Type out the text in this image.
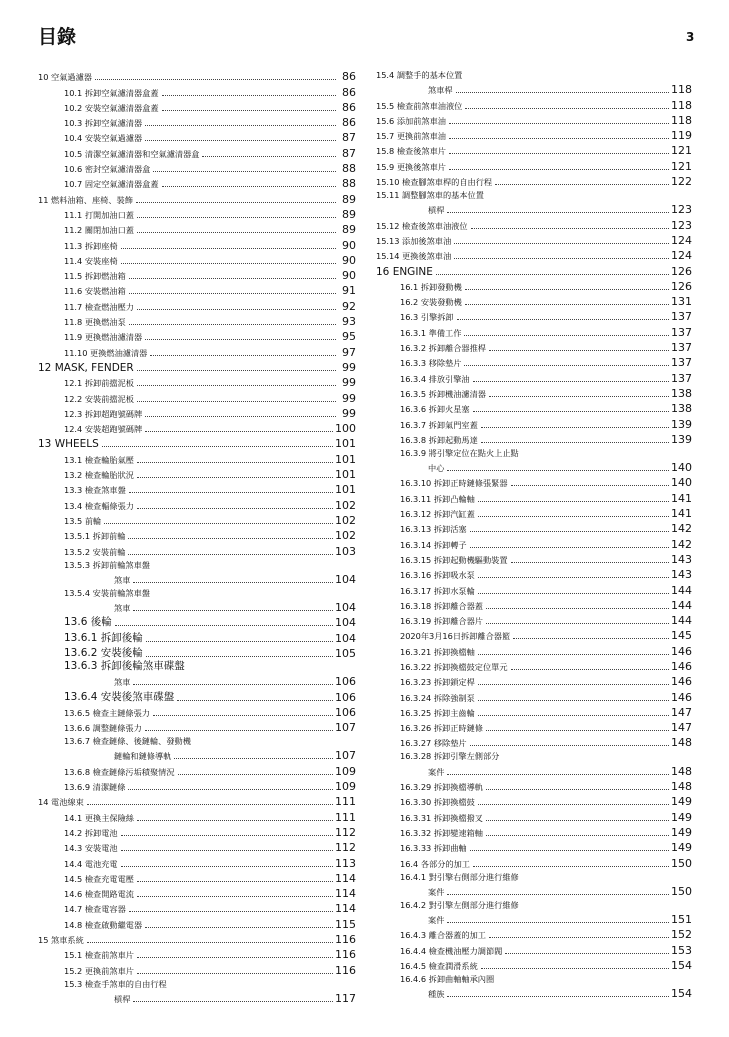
目錄	3
10 空氣過濾器	86
10.1 拆卸空氣濾清器盒蓋	86
10.2 安裝空氣濾清器盒蓋	86
10.3 拆卸空氣濾清器	86
10.4 安裝空氣過濾器	87
10.5 清潔空氣濾清器和空氣濾清器盒	87
10.6 密封空氣濾清器盒	88
10.7 固定空氣濾清器盒蓋	88
11 燃料油箱、座椅、裝飾	89
11.1 打開加油口蓋	89
11.2 關閉加油口蓋	89
11.3 拆卸座椅	90
11.4 安裝座椅	90
11.5 拆卸燃油箱	90
11.6 安裝燃油箱	91
11.7 檢查燃油壓力	92
11.8 更換燃油泵	93
11.9 更換燃油濾清器	95
11.10 更換燃油濾清器	97
12 MASK, FENDER	99
12.1 拆卸前擋泥板	99
12.2 安裝前擋泥板	99
12.3 拆卸超跑號碼牌	99
12.4 安裝超跑號碼牌	100
13 WHEELS	101
13.1 檢查輪胎氣壓	101
13.2 檢查輪胎狀況	101
13.3 檢查煞車盤	101
13.4 檢查輻條張力	102
13.5 前輪	102
13.5.1 拆卸前輪	102
13.5.2 安裝前輪	103
13.5.3 拆卸前輪煞車盤
煞車	104
13.5.4 安裝前輪煞車盤
煞車	104
13.6 後輪	104
13.6.1 拆卸後輪	104
13.6.2 安裝後輪	105
13.6.3 拆卸後輪煞車碟盤
煞車	106
13.6.4 安裝後煞車碟盤	106
13.6.5 檢查主鏈條張力	106
13.6.6 調整鏈條張力	107
13.6.7 檢查鏈條、後鏈輪、發動機
鏈輪和鏈條導軌	107
13.6.8 檢查鏈條污垢積聚情況	109
13.6.9 清潔鏈條	109
14 電池線束	111
14.1 更換主保險絲	111
14.2 拆卸電池	112
14.3 安裝電池	112
14.4 電池充電	113
14.5 檢查充電電壓	114
14.6 檢查開路電流	114
14.7 檢查電容器	114
14.8 檢查啟動繼電器	115
15 煞車系統	116
15.1 檢查前煞車片	116
15.2 更換前煞車片	116
15.3 檢查手煞車的自由行程
槓桿	117
15.4 調整手的基本位置
煞車桿	118
15.5 檢查前煞車油液位	118
15.6 添加前煞車油	118
15.7 更換前煞車油	119
15.8 檢查後煞車片	121
15.9 更換後煞車片	121
15.10 檢查腳煞車桿的自由行程	122
15.11 調整腳煞車的基本位置
槓桿	123
15.12 檢查後煞車油液位	123
15.13 添加後煞車油	124
15.14 更換後煞車油	124
16 ENGINE	126
16.1 拆卸發動機	126
16.2 安裝發動機	131
16.3 引擎拆卸	137
16.3.1 準備工作	137
16.3.2 拆卸離合器推桿	137
16.3.3 移除墊片	137
16.3.4 排放引擎油	137
16.3.5 拆卸機油濾清器	138
16.3.6 拆卸火星塞	138
16.3.7 拆卸氣門室蓋	139
16.3.8 拆卸起動馬達	139
16.3.9 將引擎定位在點火上止點
中心	140
16.3.10 拆卸正時鏈條張緊器	140
16.3.11 拆卸凸輪軸	141
16.3.12 拆卸汽缸蓋	141
16.3.13 拆卸活塞	142
16.3.14 拆卸轉子	142
16.3.15 拆卸起動機驅動裝置	143
16.3.16 拆卸吸水泵	143
16.3.17 拆卸水泵輪	144
16.3.18 拆卸離合器蓋	144
16.3.19 拆卸離合器片	144
2020年3月16日拆卸離合器籃	145
16.3.21 拆卸換檔軸	146
16.3.22 拆卸換檔鼓定位單元	146
16.3.23 拆卸鎖定桿	146
16.3.24 拆除強制泵	146
16.3.25 拆卸主齒輪	147
16.3.26 拆卸正時鏈條	147
16.3.27 移除墊片	148
16.3.28 拆卸引擎左側部分
案件	148
16.3.29 拆卸換檔導軌	148
16.3.30 拆卸換檔鼓	149
16.3.31 拆卸換檔撥叉	149
16.3.32 拆卸變速箱軸	149
16.3.33 拆卸曲軸	149
16.4 各部分的加工	150
16.4.1 對引擎右側部分進行維修
案件	150
16.4.2 對引擎左側部分進行維修
案件	151
16.4.3 離合器蓋的加工	152
16.4.4 檢查機油壓力調節閥	153
16.4.5 檢查潤滑系統	154
16.4.6 拆卸曲軸軸承內圈
種族	154
